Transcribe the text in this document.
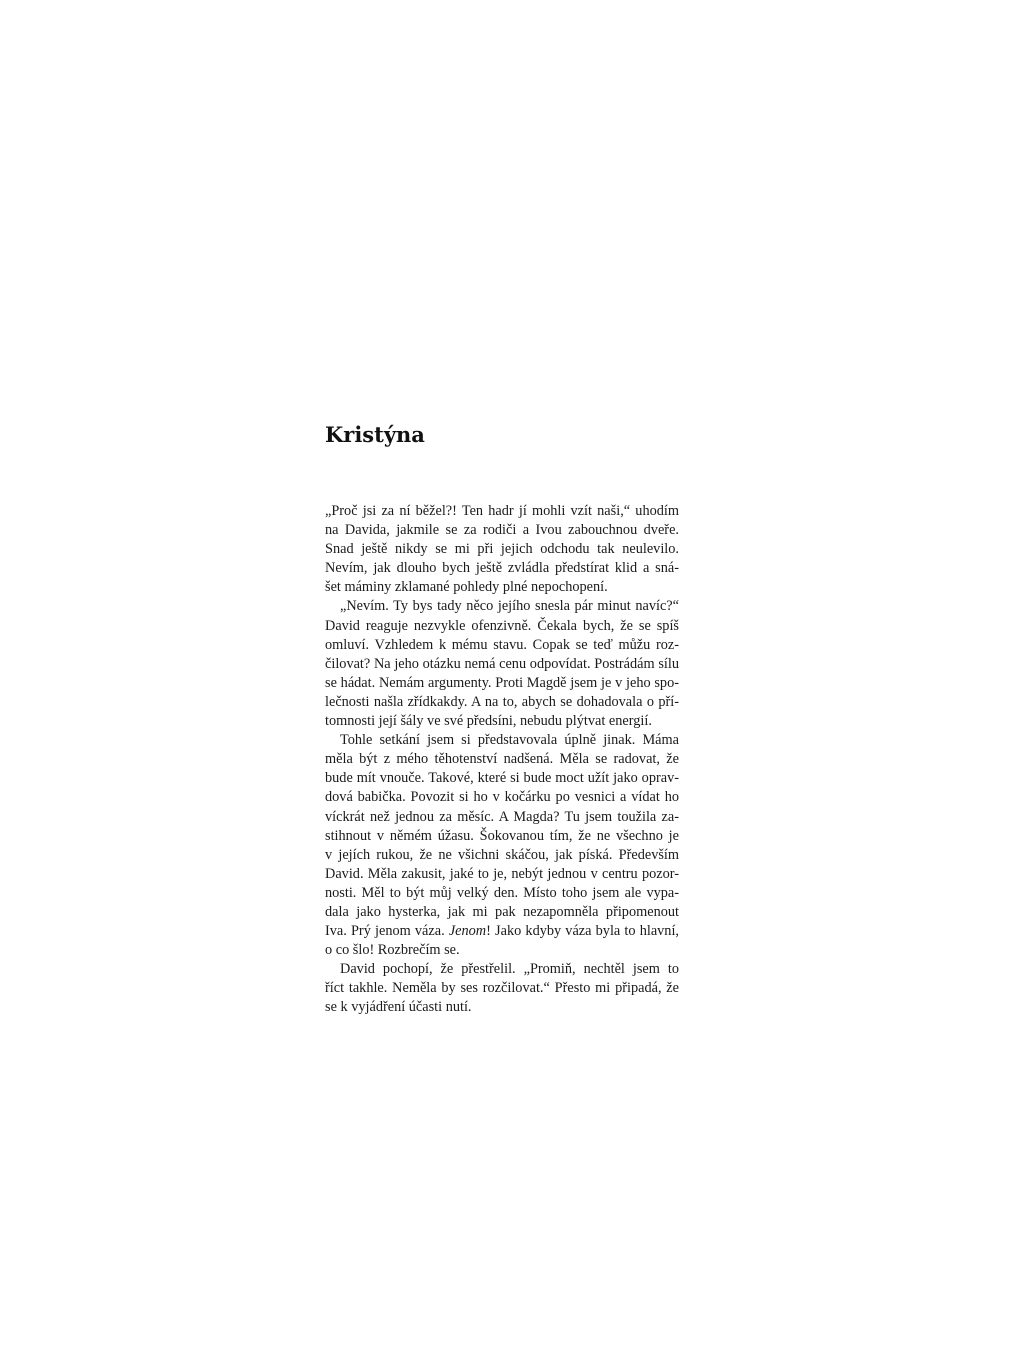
Kristýna
„Proč jsi za ní běžel?! Ten hadr jí mohli vzít naši,“ uhodím
na Davida, jakmile se za rodiči a Ivou zabouchnou dveře.
Snad ještě nikdy se mi při jejich odchodu tak neulevilo.
Nevím, jak dlouho bych ještě zvládla předstírat klid a sná-
šet máminy zklamané pohledy plné nepochopení.
„Nevím. Ty bys tady něco jejího snesla pár minut navíc?“
David reaguje nezvykle ofenzivně. Čekala bych, že se spíš
omluví. Vzhledem k mému stavu. Copak se teď můžu roz-
čilovat? Na jeho otázku nemá cenu odpovídat. Postrádám sílu
se hádat. Nemám argumenty. Proti Magdě jsem je v jeho spo-
lečnosti našla zřídkakdy. A na to, abych se dohadovala o pří-
tomnosti její šály ve své předsíni, nebudu plýtvat energií.
Tohle setkání jsem si představovala úplně jinak. Máma
měla být z mého těhotenství nadšená. Měla se radovat, že
bude mít vnouče. Takové, které si bude moct užít jako oprav-
dová babička. Povozit si ho v kočárku po vesnici a vídat ho
víckrát než jednou za měsíc. A Magda? Tu jsem toužila za-
stihnout v němém úžasu. Šokovanou tím, že ne všechno je
v jejích rukou, že ne všichni skáčou, jak píská. Především
David. Měla zakusit, jaké to je, nebýt jednou v centru pozor-
nosti. Měl to být můj velký den. Místo toho jsem ale vypa-
dala jako hysterka, jak mi pak nezapomněla připomenout
Iva. Prý jenom váza. Jenom! Jako kdyby váza byla to hlavní,
o co šlo! Rozbrečím se.
David pochopí, že přestřelil. „Promiň, nechtěl jsem to
říct takhle. Neměla by ses rozčilovat.“ Přesto mi připadá, že
se k vyjádření účasti nutí.
